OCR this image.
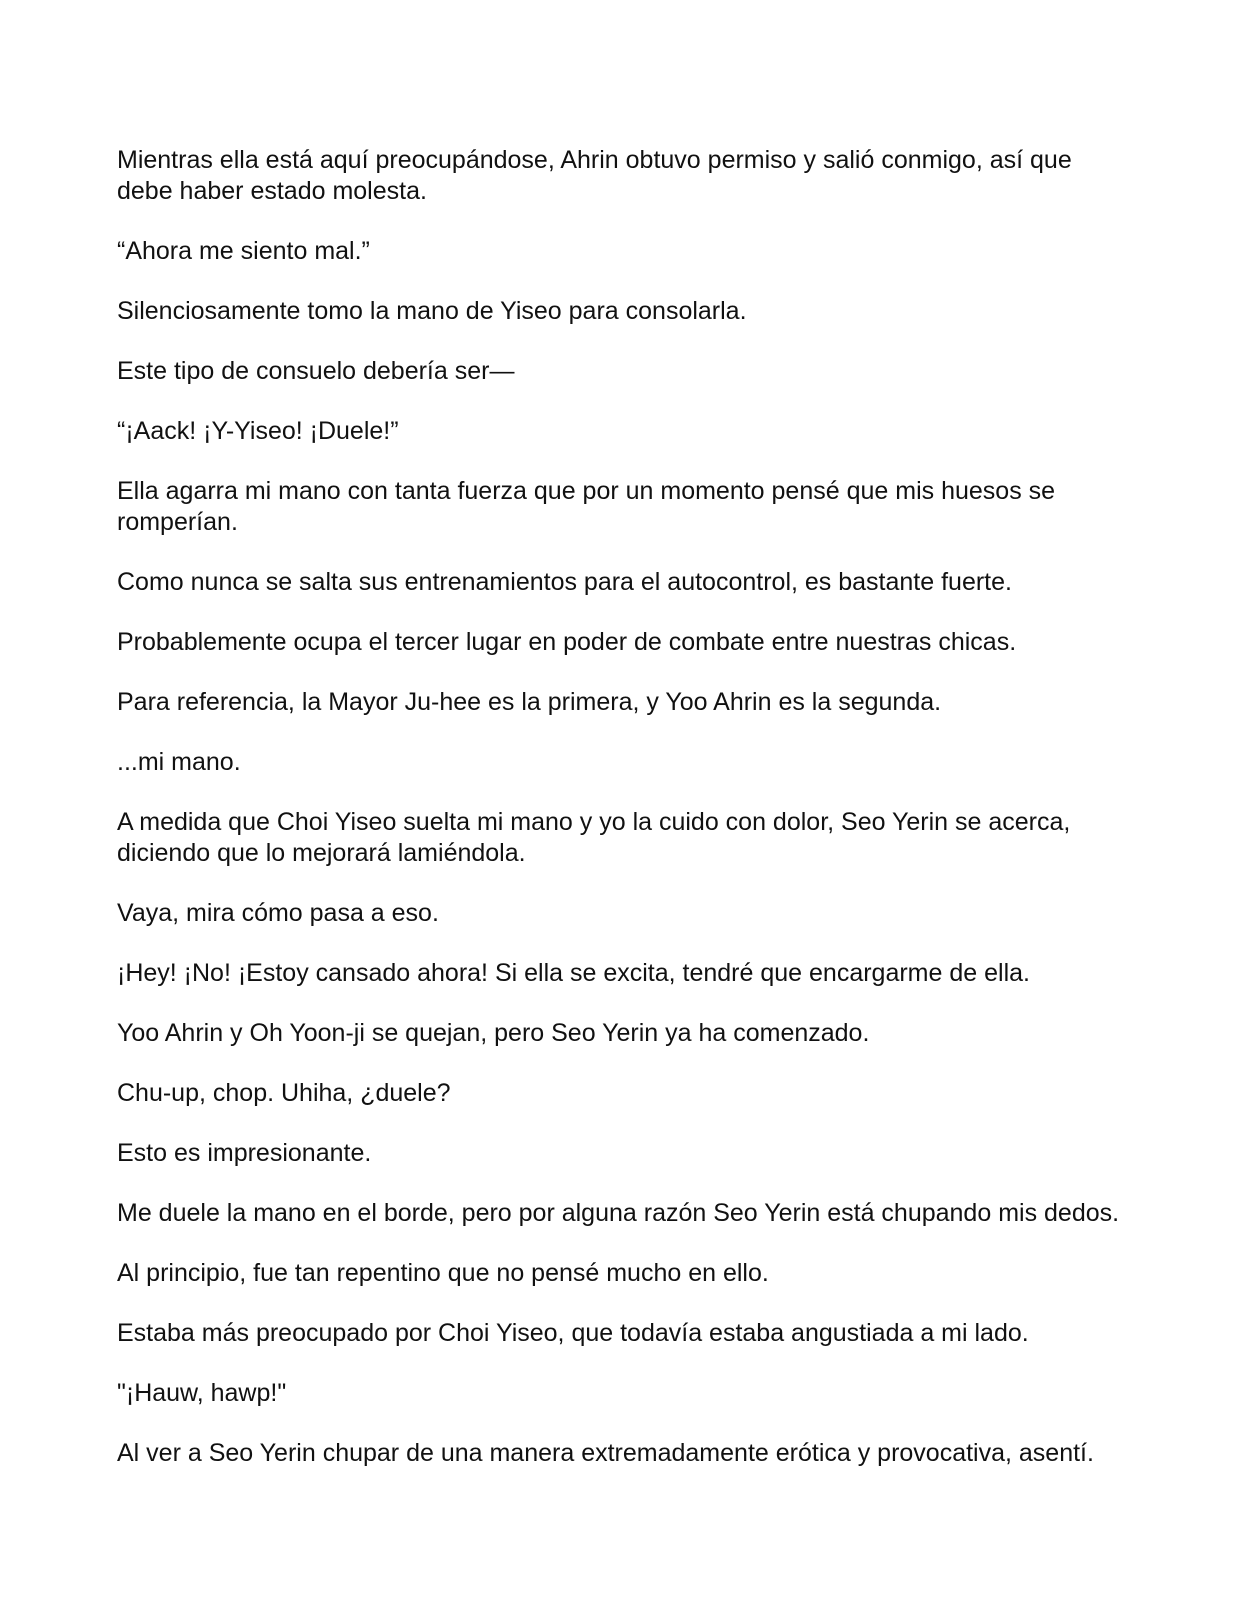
Mientras ella está aquí preocupándose, Ahrin obtuvo permiso y salió conmigo, así que debe haber estado molesta.

“Ahora me siento mal.”

Silenciosamente tomo la mano de Yiseo para consolarla.

Este tipo de consuelo debería ser—

“¡Aack! ¡Y-Yiseo! ¡Duele!”

Ella agarra mi mano con tanta fuerza que por un momento pensé que mis huesos se romperían.

Como nunca se salta sus entrenamientos para el autocontrol, es bastante fuerte.

Probablemente ocupa el tercer lugar en poder de combate entre nuestras chicas.

Para referencia, la Mayor Ju-hee es la primera, y Yoo Ahrin es la segunda.

...mi mano.

A medida que Choi Yiseo suelta mi mano y yo la cuido con dolor, Seo Yerin se acerca, diciendo que lo mejorará lamiéndola.

Vaya, mira cómo pasa a eso.

¡Hey! ¡No! ¡Estoy cansado ahora! Si ella se excita, tendré que encargarme de ella.

Yoo Ahrin y Oh Yoon-ji se quejan, pero Seo Yerin ya ha comenzado.

Chu-up, chop. Uhiha, ¿duele?

Esto es impresionante.

Me duele la mano en el borde, pero por alguna razón Seo Yerin está chupando mis dedos.

Al principio, fue tan repentino que no pensé mucho en ello.

Estaba más preocupado por Choi Yiseo, que todavía estaba angustiada a mi lado.

"¡Hauw, hawp!"

Al ver a Seo Yerin chupar de una manera extremadamente erótica y provocativa, asentí.
